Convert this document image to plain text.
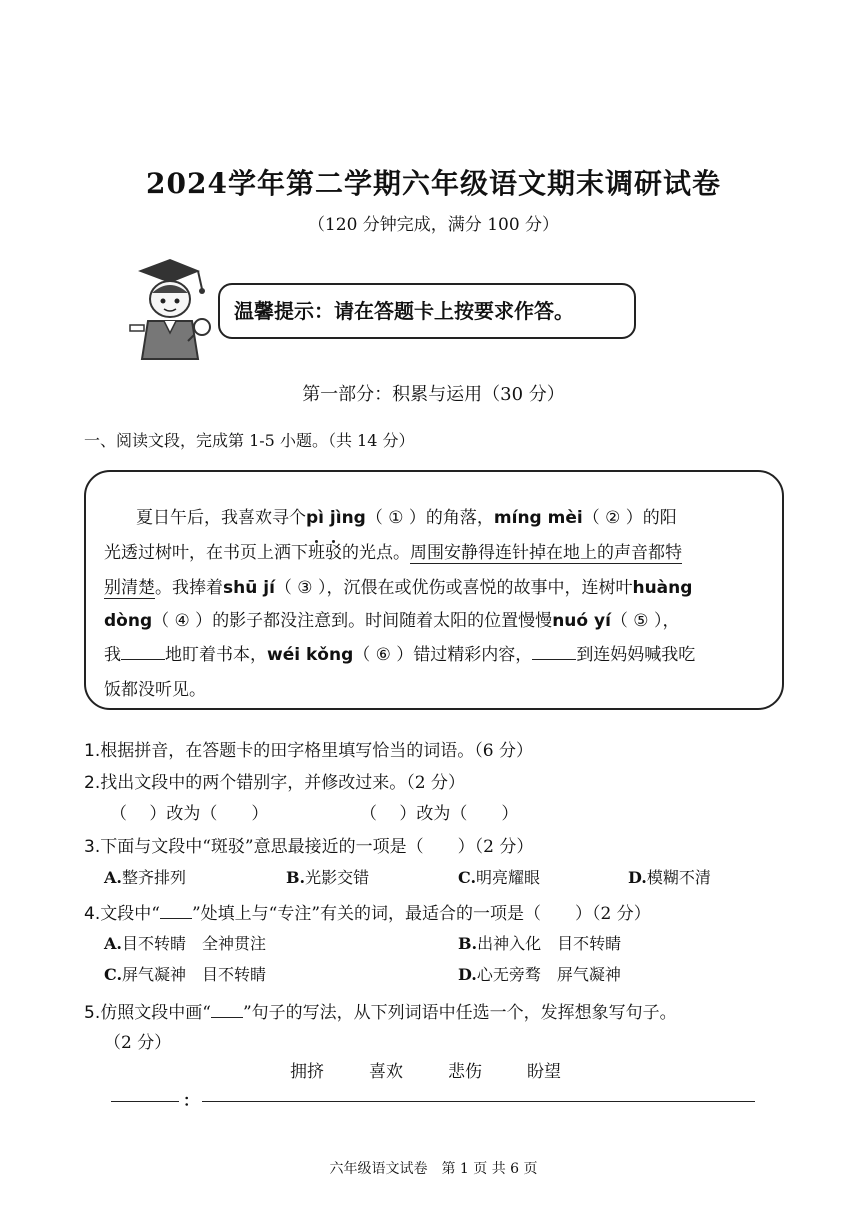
2024学年第二学期六年级语文期末调研试卷
（120 分钟完成，满分 100 分）
温馨提示：请在答题卡上按要求作答。
第一部分：积累与运用（30 分）
一、阅读文段，完成第 1-5 小题。（共 14 分）
夏日午后，我喜欢寻个pì jìng（ ① ）的角落，míng mèi（ ② ）的阳
光透过树叶，在书页上洒下班驳的光点。周围安静得连针掉在地上的声音都特
别清楚。我捧着shū jí（ ③ ），沉偎在或优伤或喜悦的故事中，连树叶huàng
dòng（ ④ ）的影子都没注意到。时间随着太阳的位置慢慢nuó yí（ ⑤ ），
我	地盯着书本，wéi kǒng（ ⑥ ）错过精彩内容，	到连妈妈喊我吃
饭都没听见。
1.根据拼音，在答题卡的田字格里填写恰当的词语。（6 分）
2.找出文段中的两个错别字，并修改过来。（2 分）
（　 ）改为（　　）	（　 ）改为（　　）
3.下面与文段中“斑驳”意思最接近的一项是（　　）（2 分）
A.整齐排列	B.光影交错	C.明亮耀眼	D.模糊不清
4.文段中“ ”处填上与“专注”有关的词，最适合的一项是（　　）（2 分）
A.目不转睛　全神贯注	B.出神入化　目不转睛
C.屏气凝神　目不转睛	D.心无旁骛　屏气凝神
5.仿照文段中画“ ”句子的写法，从下列词语中任选一个，发挥想象写句子。
（2 分）
拥挤	喜欢	悲伤	盼望
：
六年级语文试卷　第 1 页 共 6 页
